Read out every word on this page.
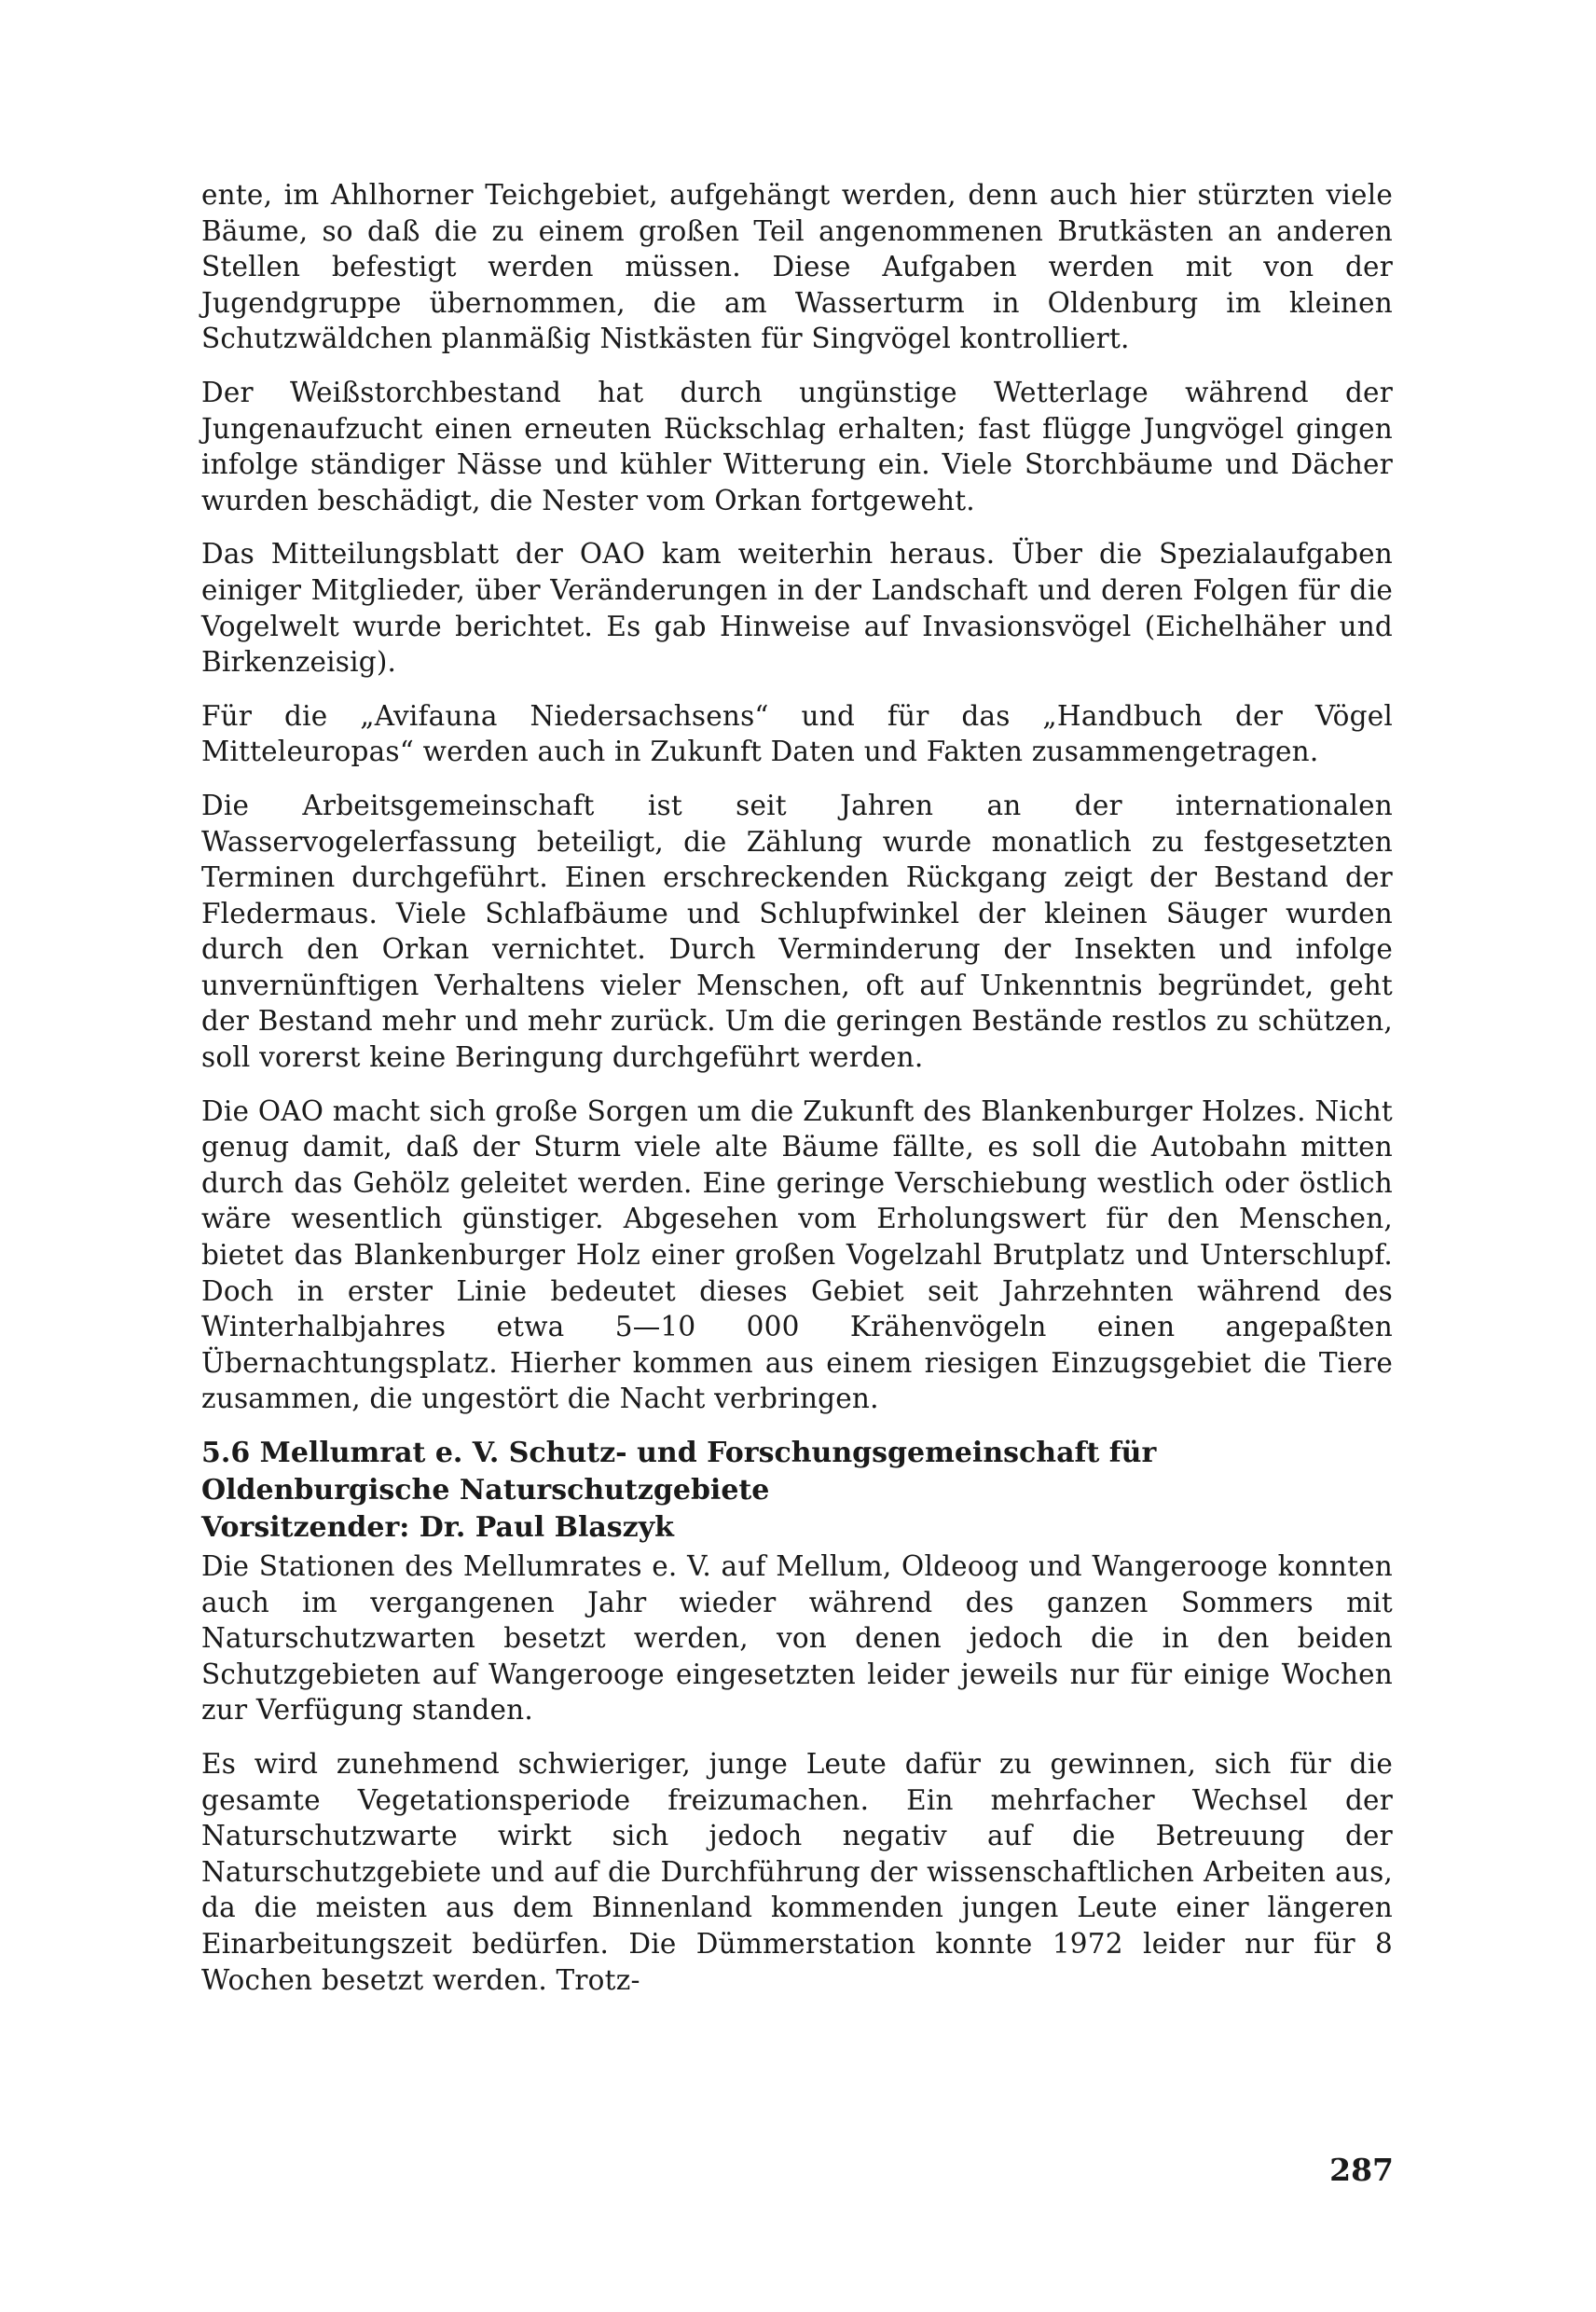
ente, im Ahlhorner Teichgebiet, aufgehängt werden, denn auch hier stürzten viele Bäume, so daß die zu einem großen Teil angenommenen Brutkästen an anderen Stellen befestigt werden müssen. Diese Aufgaben werden mit von der Jugendgruppe übernommen, die am Wasserturm in Oldenburg im kleinen Schutzwäldchen planmäßig Nistkästen für Singvögel kontrolliert.

Der Weißstorchbestand hat durch ungünstige Wetterlage während der Jungenaufzucht einen erneuten Rückschlag erhalten; fast flügge Jungvögel gingen infolge ständiger Nässe und kühler Witterung ein. Viele Storchbäume und Dächer wurden beschädigt, die Nester vom Orkan fortgeweht.

Das Mitteilungsblatt der OAO kam weiterhin heraus. Über die Spezialaufgaben einiger Mitglieder, über Veränderungen in der Landschaft und deren Folgen für die Vogelwelt wurde berichtet. Es gab Hinweise auf Invasionsvögel (Eichelhäher und Birkenzeisig).

Für die „Avifauna Niedersachsens“ und für das „Handbuch der Vögel Mitteleuropas“ werden auch in Zukunft Daten und Fakten zusammengetragen.

Die Arbeitsgemeinschaft ist seit Jahren an der internationalen Wasservogelerfassung beteiligt, die Zählung wurde monatlich zu festgesetzten Terminen durchgeführt. Einen erschreckenden Rückgang zeigt der Bestand der Fledermaus. Viele Schlafbäume und Schlupfwinkel der kleinen Säuger wurden durch den Orkan vernichtet. Durch Verminderung der Insekten und infolge unvernünftigen Verhaltens vieler Menschen, oft auf Unkenntnis begründet, geht der Bestand mehr und mehr zurück. Um die geringen Bestände restlos zu schützen, soll vorerst keine Beringung durchgeführt werden.

Die OAO macht sich große Sorgen um die Zukunft des Blankenburger Holzes. Nicht genug damit, daß der Sturm viele alte Bäume fällte, es soll die Autobahn mitten durch das Gehölz geleitet werden. Eine geringe Verschiebung westlich oder östlich wäre wesentlich günstiger. Abgesehen vom Erholungswert für den Menschen, bietet das Blankenburger Holz einer großen Vogelzahl Brutplatz und Unterschlupf. Doch in erster Linie bedeutet dieses Gebiet seit Jahrzehnten während des Winterhalbjahres etwa 5—10 000 Krähenvögeln einen angepaßten Übernachtungsplatz. Hierher kommen aus einem riesigen Einzugsgebiet die Tiere zusammen, die ungestört die Nacht verbringen.

5.6 Mellumrat e. V. Schutz- und Forschungsgemeinschaft für Oldenburgische Naturschutzgebiete
Vorsitzender: Dr. Paul Blaszyk

Die Stationen des Mellumrates e. V. auf Mellum, Oldeoog und Wangerooge konnten auch im vergangenen Jahr wieder während des ganzen Sommers mit Naturschutzwarten besetzt werden, von denen jedoch die in den beiden Schutzgebieten auf Wangerooge eingesetzten leider jeweils nur für einige Wochen zur Verfügung standen.

Es wird zunehmend schwieriger, junge Leute dafür zu gewinnen, sich für die gesamte Vegetationsperiode freizumachen. Ein mehrfacher Wechsel der Naturschutzwarte wirkt sich jedoch negativ auf die Betreuung der Naturschutzgebiete und auf die Durchführung der wissenschaftlichen Arbeiten aus, da die meisten aus dem Binnenland kommenden jungen Leute einer längeren Einarbeitungszeit bedürfen. Die Dümmerstation konnte 1972 leider nur für 8 Wochen besetzt werden. Trotz-

287
